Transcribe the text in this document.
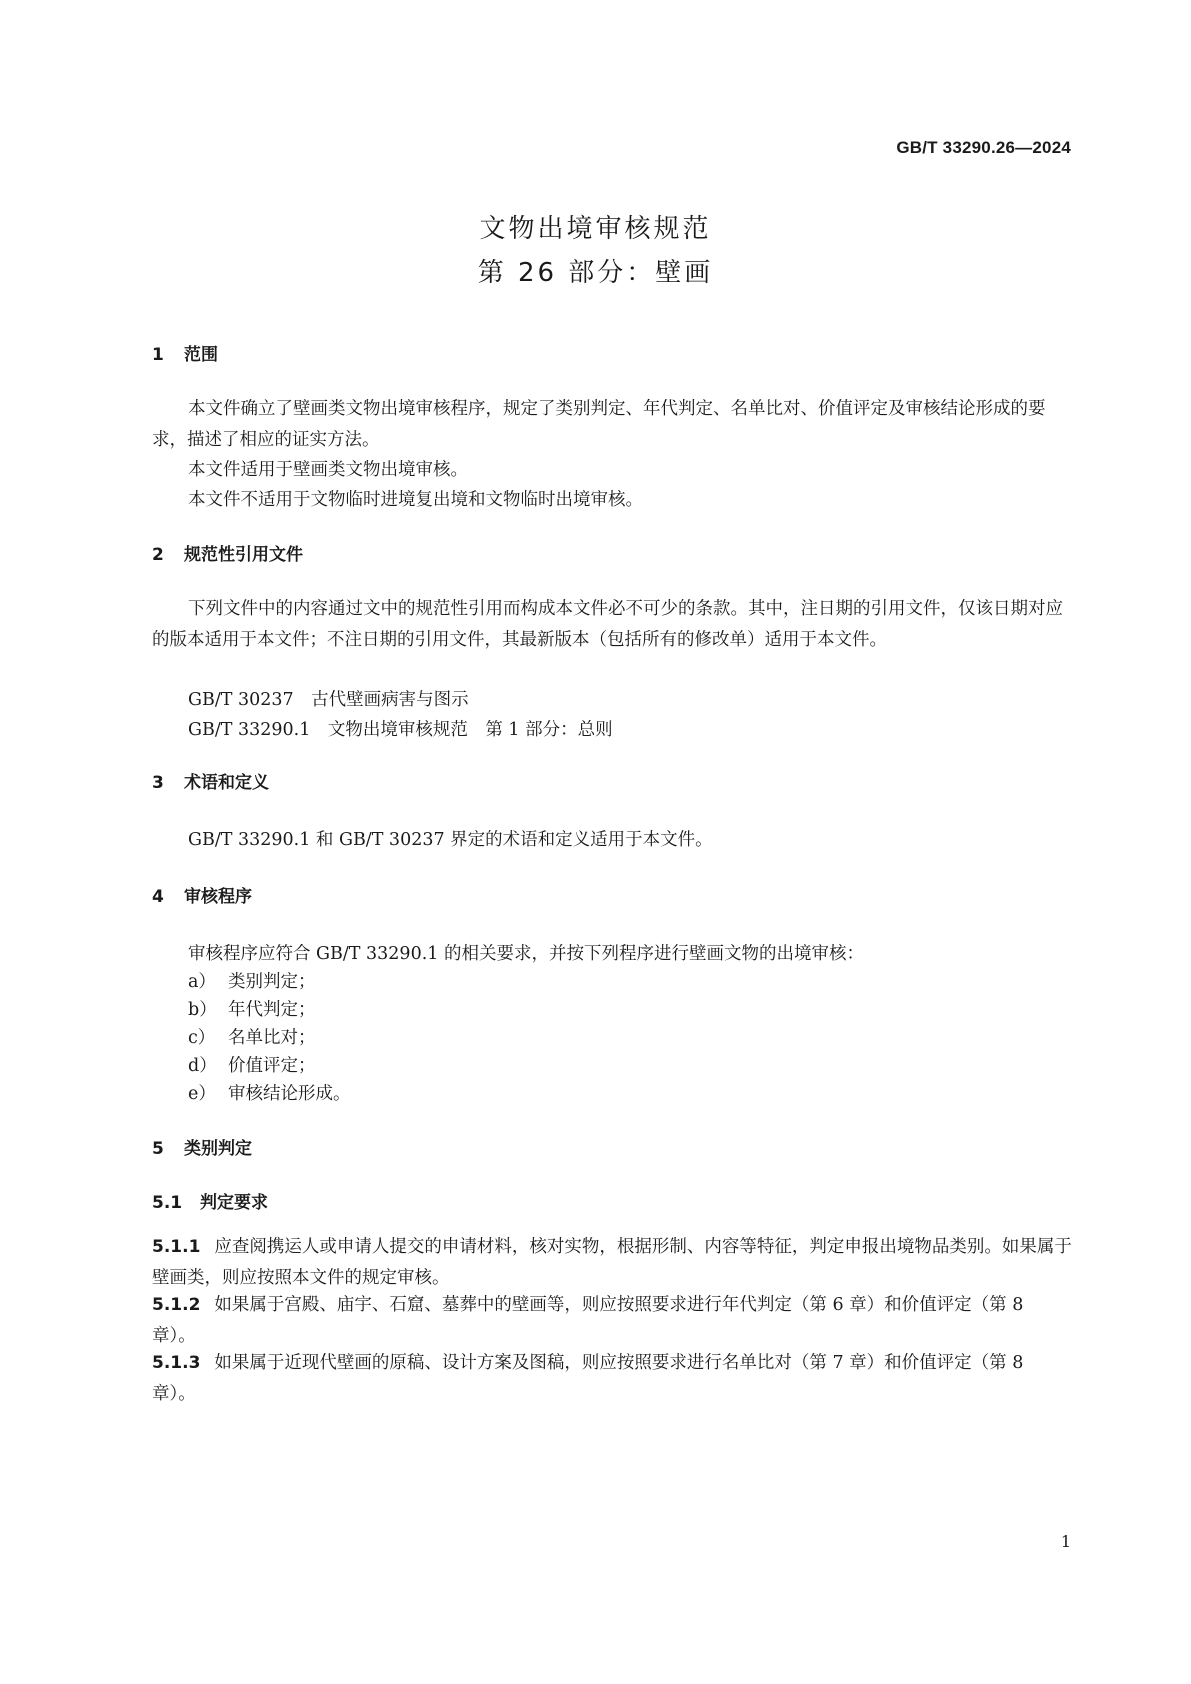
GB/T 33290.26—2024
文物出境审核规范
第 26 部分：壁画
1 范围
本文件确立了壁画类文物出境审核程序，规定了类别判定、年代判定、名单比对、价值评定及审核结论形成的要求，描述了相应的证实方法。
本文件适用于壁画类文物出境审核。
本文件不适用于文物临时进境复出境和文物临时出境审核。
2 规范性引用文件
下列文件中的内容通过文中的规范性引用而构成本文件必不可少的条款。其中，注日期的引用文件，仅该日期对应的版本适用于本文件；不注日期的引用文件，其最新版本（包括所有的修改单）适用于本文件。
GB/T 30237　古代壁画病害与图示
GB/T 33290.1　文物出境审核规范　第 1 部分：总则
3 术语和定义
GB/T 33290.1 和 GB/T 30237 界定的术语和定义适用于本文件。
4 审核程序
审核程序应符合 GB/T 33290.1 的相关要求，并按下列程序进行壁画文物的出境审核：
a） 类别判定；
b） 年代判定；
c） 名单比对；
d） 价值评定；
e） 审核结论形成。
5 类别判定
5.1 判定要求
5.1.1 应查阅携运人或申请人提交的申请材料，核对实物，根据形制、内容等特征，判定申报出境物品类别。如果属于壁画类，则应按照本文件的规定审核。
5.1.2 如果属于宫殿、庙宇、石窟、墓葬中的壁画等，则应按照要求进行年代判定（第 6 章）和价值评定（第 8 章）。
5.1.3 如果属于近现代壁画的原稿、设计方案及图稿，则应按照要求进行名单比对（第 7 章）和价值评定（第 8 章）。
1
